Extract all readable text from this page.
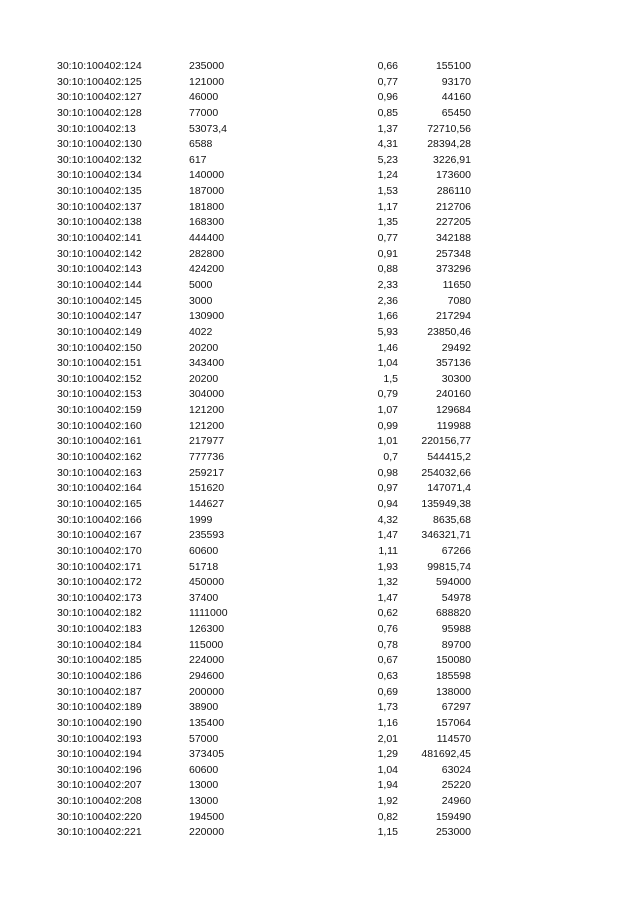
30:10:100402:124	235000	0,66	155100
30:10:100402:125	121000	0,77	93170
30:10:100402:127	46000	0,96	44160
30:10:100402:128	77000	0,85	65450
30:10:100402:13	53073,4	1,37	72710,56
30:10:100402:130	6588	4,31	28394,28
30:10:100402:132	617	5,23	3226,91
30:10:100402:134	140000	1,24	173600
30:10:100402:135	187000	1,53	286110
30:10:100402:137	181800	1,17	212706
30:10:100402:138	168300	1,35	227205
30:10:100402:141	444400	0,77	342188
30:10:100402:142	282800	0,91	257348
30:10:100402:143	424200	0,88	373296
30:10:100402:144	5000	2,33	11650
30:10:100402:145	3000	2,36	7080
30:10:100402:147	130900	1,66	217294
30:10:100402:149	4022	5,93	23850,46
30:10:100402:150	20200	1,46	29492
30:10:100402:151	343400	1,04	357136
30:10:100402:152	20200	1,5	30300
30:10:100402:153	304000	0,79	240160
30:10:100402:159	121200	1,07	129684
30:10:100402:160	121200	0,99	119988
30:10:100402:161	217977	1,01	220156,77
30:10:100402:162	777736	0,7	544415,2
30:10:100402:163	259217	0,98	254032,66
30:10:100402:164	151620	0,97	147071,4
30:10:100402:165	144627	0,94	135949,38
30:10:100402:166	1999	4,32	8635,68
30:10:100402:167	235593	1,47	346321,71
30:10:100402:170	60600	1,11	67266
30:10:100402:171	51718	1,93	99815,74
30:10:100402:172	450000	1,32	594000
30:10:100402:173	37400	1,47	54978
30:10:100402:182	1111000	0,62	688820
30:10:100402:183	126300	0,76	95988
30:10:100402:184	115000	0,78	89700
30:10:100402:185	224000	0,67	150080
30:10:100402:186	294600	0,63	185598
30:10:100402:187	200000	0,69	138000
30:10:100402:189	38900	1,73	67297
30:10:100402:190	135400	1,16	157064
30:10:100402:193	57000	2,01	114570
30:10:100402:194	373405	1,29	481692,45
30:10:100402:196	60600	1,04	63024
30:10:100402:207	13000	1,94	25220
30:10:100402:208	13000	1,92	24960
30:10:100402:220	194500	0,82	159490
30:10:100402:221	220000	1,15	253000
